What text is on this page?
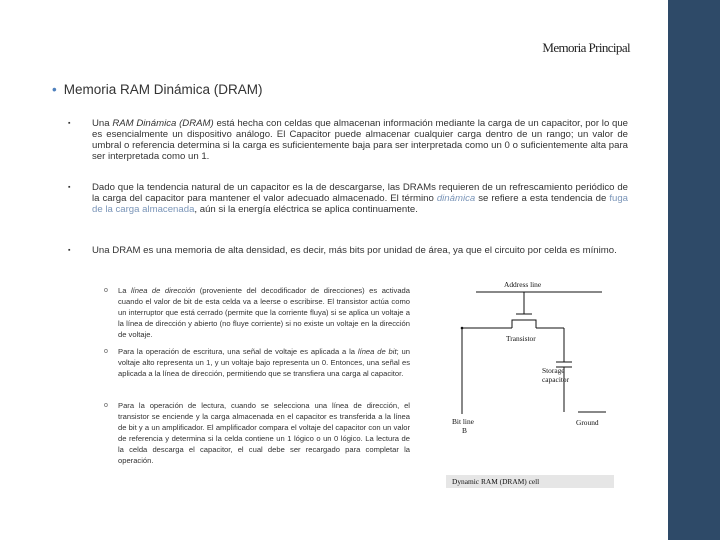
Memoria Principal
• Memoria RAM Dinámica (DRAM)
▪ Una RAM Dinámica (DRAM) está hecha con celdas que almacenan información mediante la carga de un capacitor, por lo que es esencialmente un dispositivo análogo. El Capacitor puede almacenar cualquier carga dentro de un rango; un valor de umbral o referencia determina si la carga es suficientemente baja para ser interpretada como un 0 o suficientemente alta para ser interpretada como un 1.
▪ Dado que la tendencia natural de un capacitor es la de descargarse, las DRAMs requieren de un refrescamiento periódico de la carga del capacitor para mantener el valor adecuado almacenado. El término dinámica se refiere a esta tendencia de fuga de la carga almacenada, aún si la energía eléctrica se aplica continuamente.
▪ Una DRAM es una memoria de alta densidad, es decir, más bits por unidad de área, ya que el circuito por celda es mínimo.
o La línea de dirección (proveniente del decodificador de direcciones) es activada cuando el valor de bit de esta celda va a leerse o escribirse. El transistor actúa como un interruptor que está cerrado (permite que la corriente fluya) si se aplica un voltaje a la línea de dirección y abierto (no fluye corriente) si no existe un voltaje en la dirección de voltaje.
o Para la operación de escritura, una señal de voltaje es aplicada a la línea de bit; un voltaje alto representa un 1, y un voltaje bajo representa un 0. Entonces, una señal es aplicada a la línea de dirección, permitiendo que se transfiera una carga al capacitor.
o Para la operación de lectura, cuando se selecciona una línea de dirección, el transistor se enciende y la carga almacenada en el capacitor es transferida a la línea de bit y a un amplificador. El amplificador compara el voltaje del capacitor con un valor de referencia y determina si la celda contiene un 1 lógico o un 0 lógico. La lectura de la celda descarga el capacitor, el cual debe ser recargado para completar la operación.
Address line
Transistor
Storage
capacitor
Bit line
B
Ground
Dynamic RAM (DRAM) cell
